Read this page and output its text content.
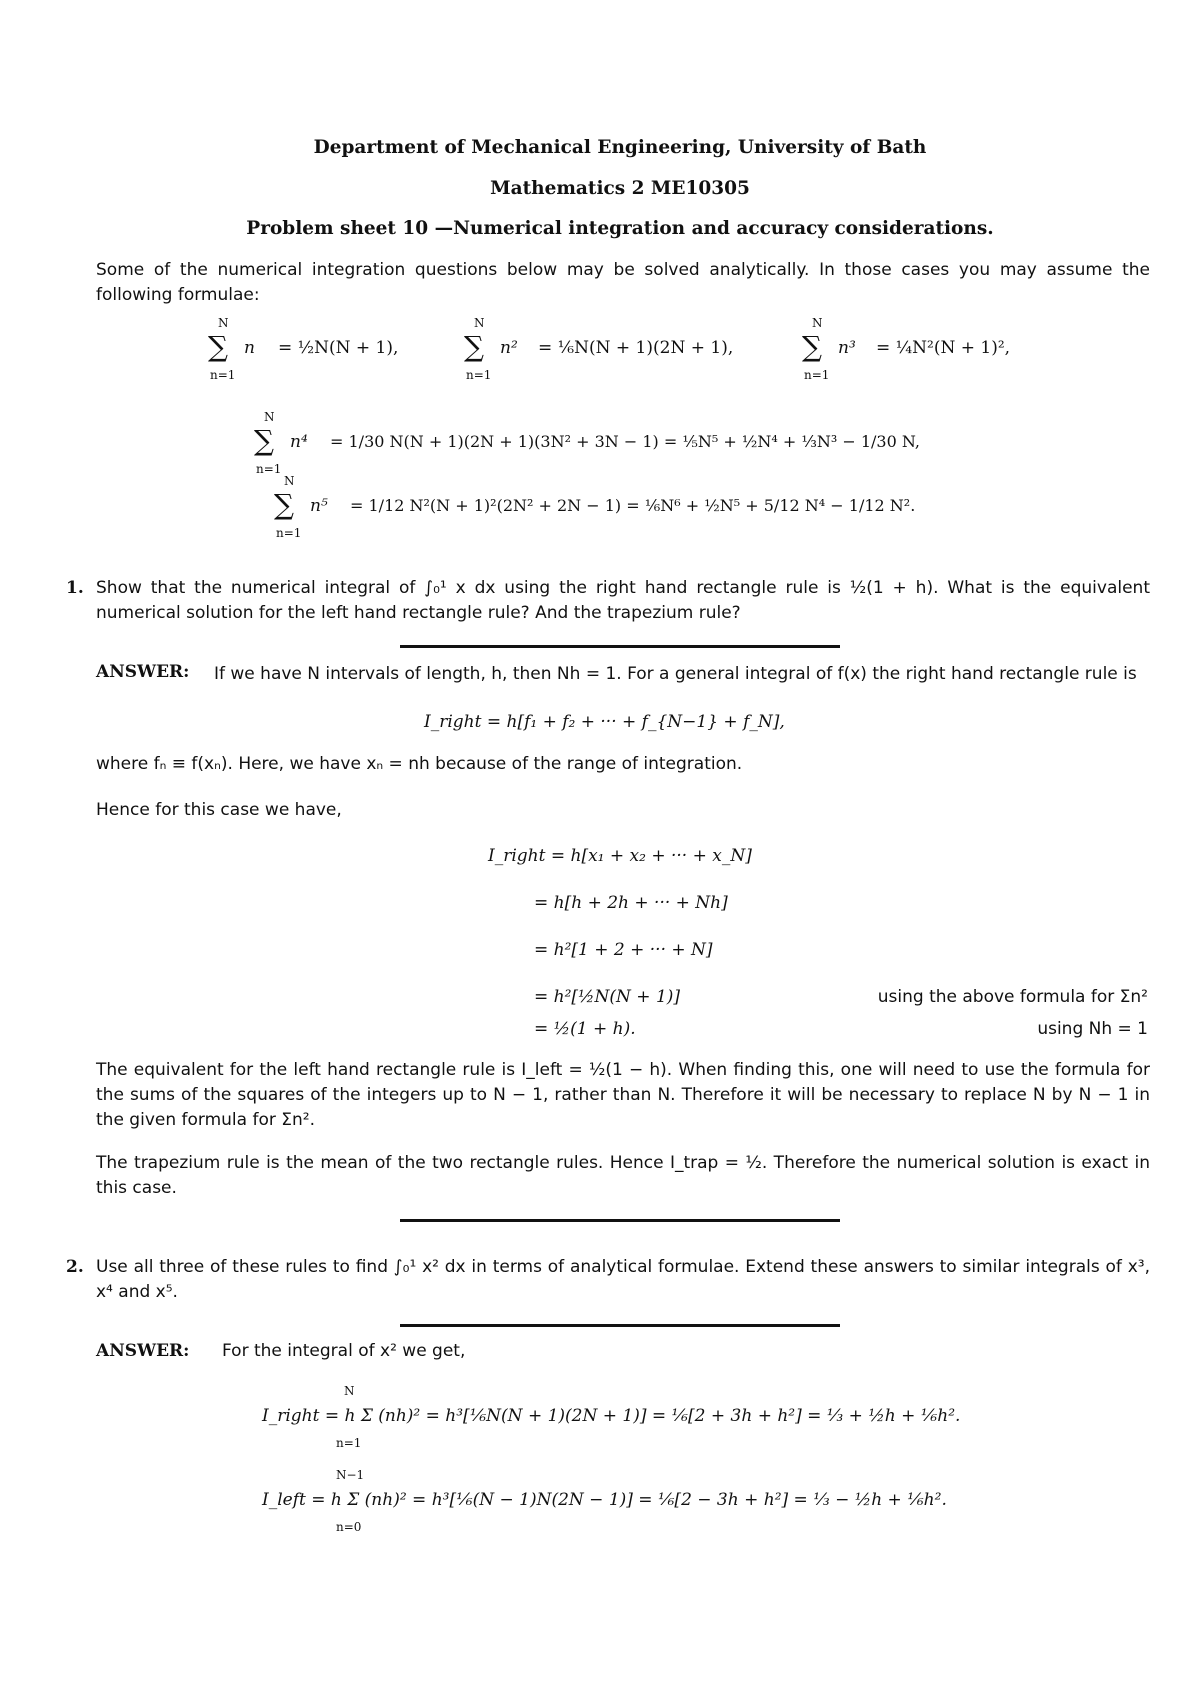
Department of Mechanical Engineering, University of Bath
Mathematics 2 ME10305
Problem sheet 10 —Numerical integration and accuracy considerations.
Some of the numerical integration questions below may be solved analytically. In those cases you may assume the following formulae:
N
∑
n=1
n = ½N(N + 1),
N
∑
n=1
n² = ⅙N(N + 1)(2N + 1),
N
∑
n=1
n³ = ¼N²(N + 1)²,
N
∑
n=1
n⁴ = 1/30 N(N + 1)(2N + 1)(3N² + 3N − 1) = ⅕N⁵ + ½N⁴ + ⅓N³ − 1/30 N,
N
∑
n=1
n⁵ = 1/12 N²(N + 1)²(2N² + 2N − 1) = ⅙N⁶ + ½N⁵ + 5/12 N⁴ − 1/12 N².
1. Show that the numerical integral of ∫₀¹ x dx using the right hand rectangle rule is ½(1 + h). What is the equivalent numerical solution for the left hand rectangle rule? And the trapezium rule?
ANSWER:	If we have N intervals of length, h, then Nh = 1. For a general integral of f(x) the right hand rectangle rule is
I_right = h[f₁ + f₂ + ··· + f_{N−1} + f_N],
where fₙ ≡ f(xₙ). Here, we have xₙ = nh because of the range of integration.
Hence for this case we have,
I_right = h[x₁ + x₂ + ··· + x_N]
= h[h + 2h + ··· + Nh]
= h²[1 + 2 + ··· + N]
= h²[½N(N + 1)]
= ½(1 + h).
using the above formula for Σn²
using Nh = 1
The equivalent for the left hand rectangle rule is I_left = ½(1 − h). When finding this, one will need to use the formula for the sums of the squares of the integers up to N − 1, rather than N. Therefore it will be necessary to replace N by N − 1 in the given formula for Σn².
The trapezium rule is the mean of the two rectangle rules. Hence I_trap = ½. Therefore the numerical solution is exact in this case.
2. Use all three of these rules to find ∫₀¹ x² dx in terms of analytical formulae. Extend these answers to similar integrals of x³, x⁴ and x⁵.
ANSWER: For the integral of x² we get,
N
n=1
I_right = h Σ (nh)² = h³[⅙N(N + 1)(2N + 1)] = ⅙[2 + 3h + h²] = ⅓ + ½h + ⅙h².
N−1
n=0
I_left = h Σ (nh)² = h³[⅙(N − 1)N(2N − 1)] = ⅙[2 − 3h + h²] = ⅓ − ½h + ⅙h².
